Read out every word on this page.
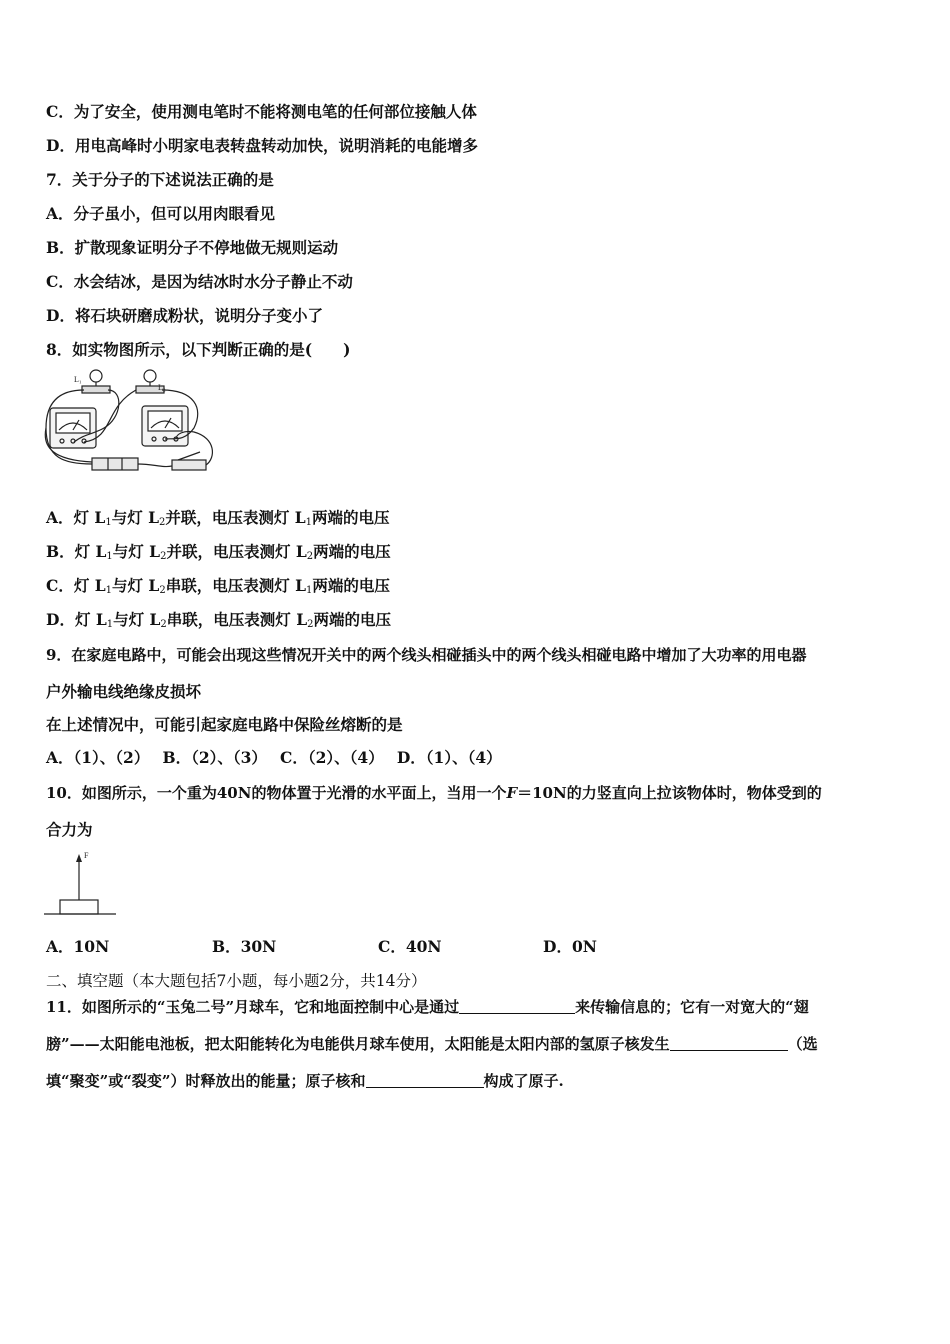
C．为了安全，使用测电笔时不能将测电笔的任何部位接触人体
D．用电高峰时小明家电表转盘转动加快，说明消耗的电能增多
7．关于分子的下述说法正确的是
A．分子虽小，但可以用肉眼看见
B．扩散现象证明分子不停地做无规则运动
C．水会结冰，是因为结冰时水分子静止不动
D．将石块研磨成粉状，说明分子变小了
8．如实物图所示，以下判断正确的是(　　)
L₁
L₂
A．灯 $L_1$与灯 $L_2$并联，电压表测灯 $L_1$两端的电压
B．灯 $L_1$与灯 $L_2$并联，电压表测灯 $L_2$两端的电压
C．灯 $L_1$与灯 $L_2$串联，电压表测灯 $L_1$两端的电压
D．灯 $L_1$与灯 $L_2$串联，电压表测灯 $L_2$两端的电压
9．在家庭电路中，可能会出现这些情况开关中的两个线头相碰插头中的两个线头相碰电路中增加了大功率的用电器
户外输电线绝缘皮损坏
在上述情况中，可能引起家庭电路中保险丝熔断的是
A．（1）、（2）　 B．（2）、（3）　 C．（2）、（4）　 D．（1）、（4）
10．如图所示，一个重为40N的物体置于光滑的水平面上，当用一个F＝10N的力竖直向上拉该物体时，物体受到的
合力为
F
A．10N	B．30N	C．40N	D．0N
二、填空题（本大题包括7小题，每小题2分，共14分）
11．如图所示的“玉兔二号”月球车，它和地面控制中心是通过	来传输信息的；它有一对宽大的“翅
膀”——太阳能电池板，把太阳能转化为电能供月球车使用，太阳能是太阳内部的氢原子核发生	（选
填“聚变”或“裂变”）时释放出的能量；原子核和	构成了原子.
